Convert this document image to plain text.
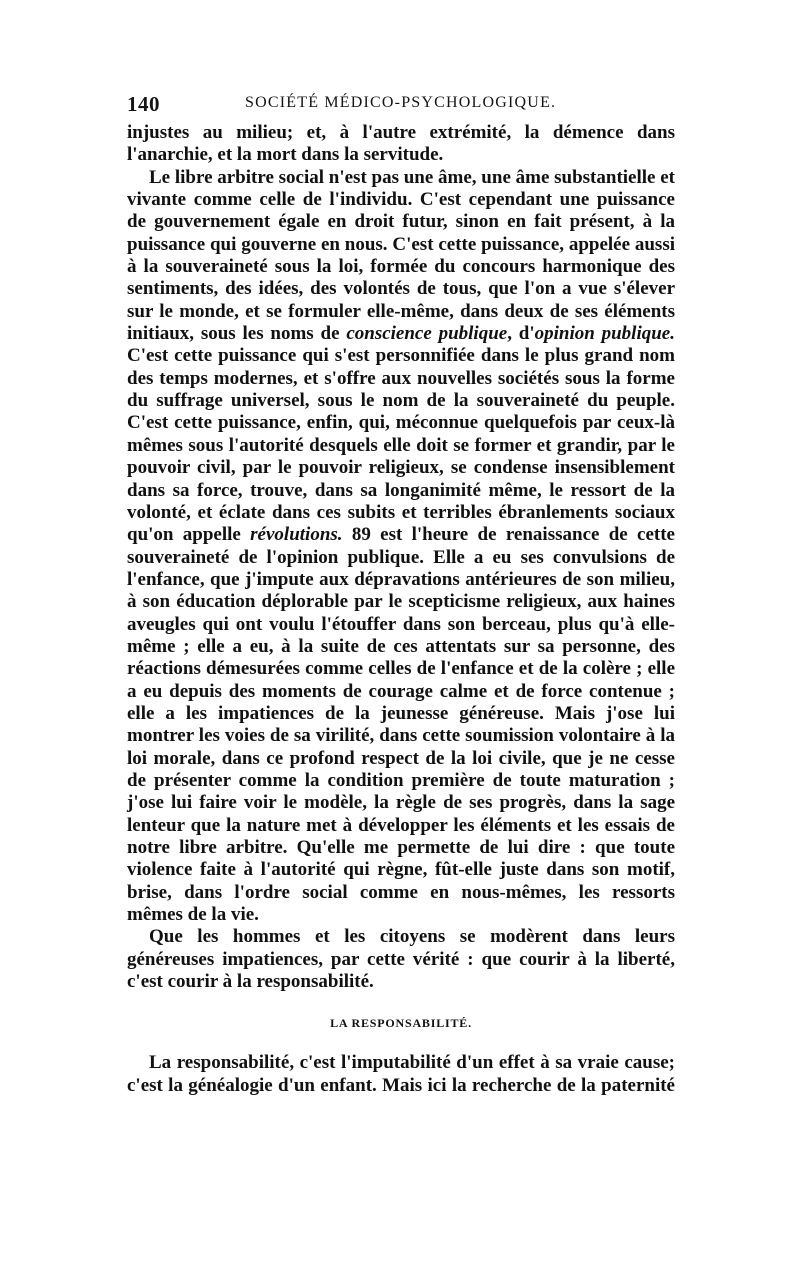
140	SOCIÉTÉ MÉDICO-PSYCHOLOGIQUE.

injustes au milieu; et, à l'autre extrémité, la démence dans l'anarchie, et la mort dans la servitude.

Le libre arbitre social n'est pas une âme, une âme substantielle et vivante comme celle de l'individu. C'est cependant une puissance de gouvernement égale en droit futur, sinon en fait présent, à la puissance qui gouverne en nous. C'est cette puissance, appelée aussi à la souveraineté sous la loi, formée du concours harmonique des sentiments, des idées, des volontés de tous, que l'on a vue s'élever sur le monde, et se formuler elle-même, dans deux de ses éléments initiaux, sous les noms de conscience publique, d'opinion publique. C'est cette puissance qui s'est personnifiée dans le plus grand nom des temps modernes, et s'offre aux nouvelles sociétés sous la forme du suffrage universel, sous le nom de la souveraineté du peuple. C'est cette puissance, enfin, qui, méconnue quelquefois par ceux-là mêmes sous l'autorité desquels elle doit se former et grandir, par le pouvoir civil, par le pouvoir religieux, se condense insensiblement dans sa force, trouve, dans sa longanimité même, le ressort de la volonté, et éclate dans ces subits et terribles ébranlements sociaux qu'on appelle révolutions. 89 est l'heure de renaissance de cette souveraineté de l'opinion publique. Elle a eu ses convulsions de l'enfance, que j'impute aux dépravations antérieures de son milieu, à son éducation déplorable par le scepticisme religieux, aux haines aveugles qui ont voulu l'étouffer dans son berceau, plus qu'à elle-même ; elle a eu, à la suite de ces attentats sur sa personne, des réactions démesurées comme celles de l'enfance et de la colère ; elle a eu depuis des moments de courage calme et de force contenue ; elle a les impatiences de la jeunesse généreuse. Mais j'ose lui montrer les voies de sa virilité, dans cette soumission volontaire à la loi morale, dans ce profond respect de la loi civile, que je ne cesse de présenter comme la condition première de toute maturation ; j'ose lui faire voir le modèle, la règle de ses progrès, dans la sage lenteur que la nature met à développer les éléments et les essais de notre libre arbitre. Qu'elle me permette de lui dire : que toute violence faite à l'autorité qui règne, fût-elle juste dans son motif, brise, dans l'ordre social comme en nous-mêmes, les ressorts mêmes de la vie.

Que les hommes et les citoyens se modèrent dans leurs généreuses impatiences, par cette vérité : que courir à la liberté, c'est courir à la responsabilité.

LA RESPONSABILITÉ.

La responsabilité, c'est l'imputabilité d'un effet à sa vraie cause; c'est la généalogie d'un enfant. Mais ici la recherche de la paternité
